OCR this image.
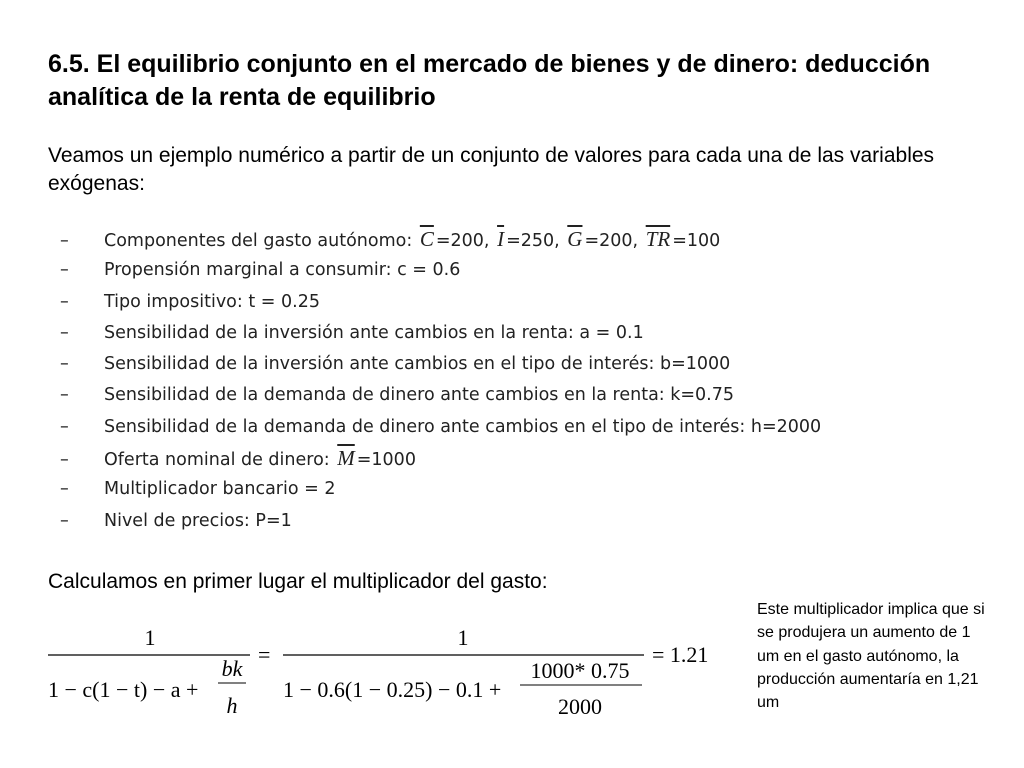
6.5. El equilibrio conjunto en el mercado de bienes y de dinero: deducción analítica de la renta de equilibrio

Veamos un ejemplo numérico a partir de un conjunto de valores para cada una de las variables exógenas:

– Componentes del gasto autónomo: $\overline{C} =200$, $\overline{I} =250$, $\overline{G} =200$, $\overline{TR} =100$
– Propensión marginal a consumir: c = 0.6
– Tipo impositivo: t = 0.25
– Sensibilidad de la inversión ante cambios en la renta: a = 0.1
– Sensibilidad de la inversión ante cambios en el tipo de interés: b=1000
– Sensibilidad de la demanda de dinero ante cambios en la renta: k=0.75
– Sensibilidad de la demanda de dinero ante cambios en el tipo de interés: h=2000
– Oferta nominal de dinero: $\overline{M} =1000$
– Multiplicador bancario = 2
– Nivel de precios: P=1

Calculamos en primer lugar el multiplicador del gasto:

1
1 − c(1 − t) − a +
bk
h
=
1
1 − 0.6(1 − 0.25) − 0.1 +
1000* 0.75
2000
= 1.21

Este multiplicador implica que si se produjera un aumento de 1 um en el gasto autónomo, la producción aumentaría en 1,21 um
